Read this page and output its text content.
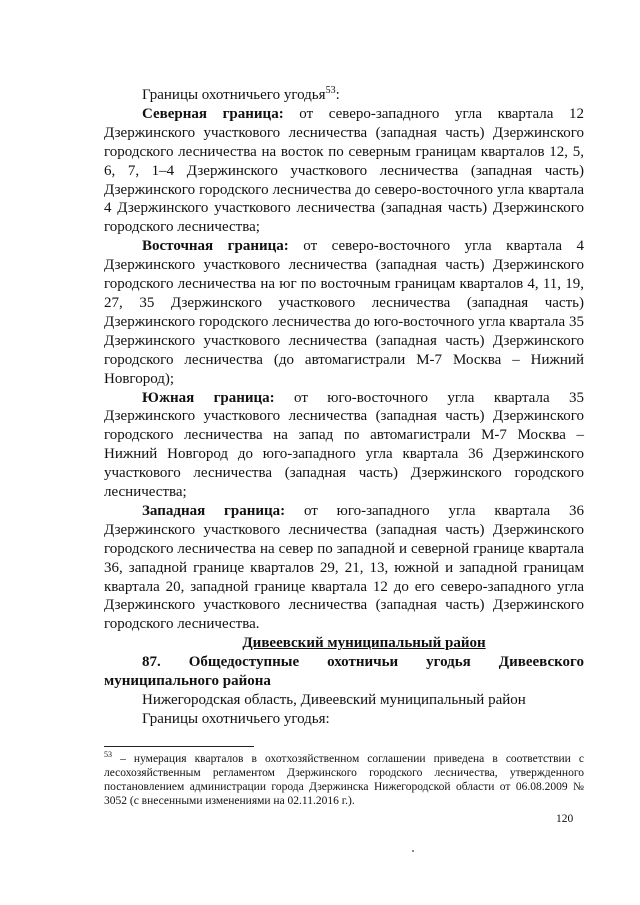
Границы охотничьего угодья$^{53}$:

Северная граница: от северо-западного угла квартала 12 Дзержинского участкового лесничества (западная часть) Дзержинского городского лесничества на восток по северным границам кварталов 12, 5, 6, 7, 1–4 Дзержинского участкового лесничества (западная часть) Дзержинского городского лесничества до северо-восточного угла квартала 4 Дзержинского участкового лесничества (западная часть) Дзержинского городского лесничества;

Восточная граница: от северо-восточного угла квартала 4 Дзержинского участкового лесничества (западная часть) Дзержинского городского лесничества на юг по восточным границам кварталов 4, 11, 19, 27, 35 Дзержинского участкового лесничества (западная часть) Дзержинского городского лесничества до юго-восточного угла квартала 35 Дзержинского участкового лесничества (западная часть) Дзержинского городского лесничества (до автомагистрали М-7 Москва – Нижний Новгород);

Южная граница: от юго-восточного угла квартала 35 Дзержинского участкового лесничества (западная часть) Дзержинского городского лесничества на запад по автомагистрали М-7 Москва – Нижний Новгород до юго-западного угла квартала 36 Дзержинского участкового лесничества (западная часть) Дзержинского городского лесничества;

Западная граница: от юго-западного угла квартала 36 Дзержинского участкового лесничества (западная часть) Дзержинского городского лесничества на север по западной и северной границе квартала 36, западной границе кварталов 29, 21, 13, южной и западной границам квартала 20, западной границе квартала 12 до его северо-западного угла Дзержинского участкового лесничества (западная часть) Дзержинского городского лесничества.

Дивеевский муниципальный район

87. Общедоступные охотничьи угодья Дивеевского

муниципального района

Нижегородская область, Дивеевский муниципальный район

Границы охотничьего угодья:

$^{53}$ – нумерация кварталов в охотхозяйственном соглашении приведена в соответствии с лесохозяйственным регламентом Дзержинского городского лесничества, утвержденного постановлением администрации города Дзержинска Нижегородской области от 06.08.2009 № 3052 (с внесенными изменениями на 02.11.2016 г.).
120
